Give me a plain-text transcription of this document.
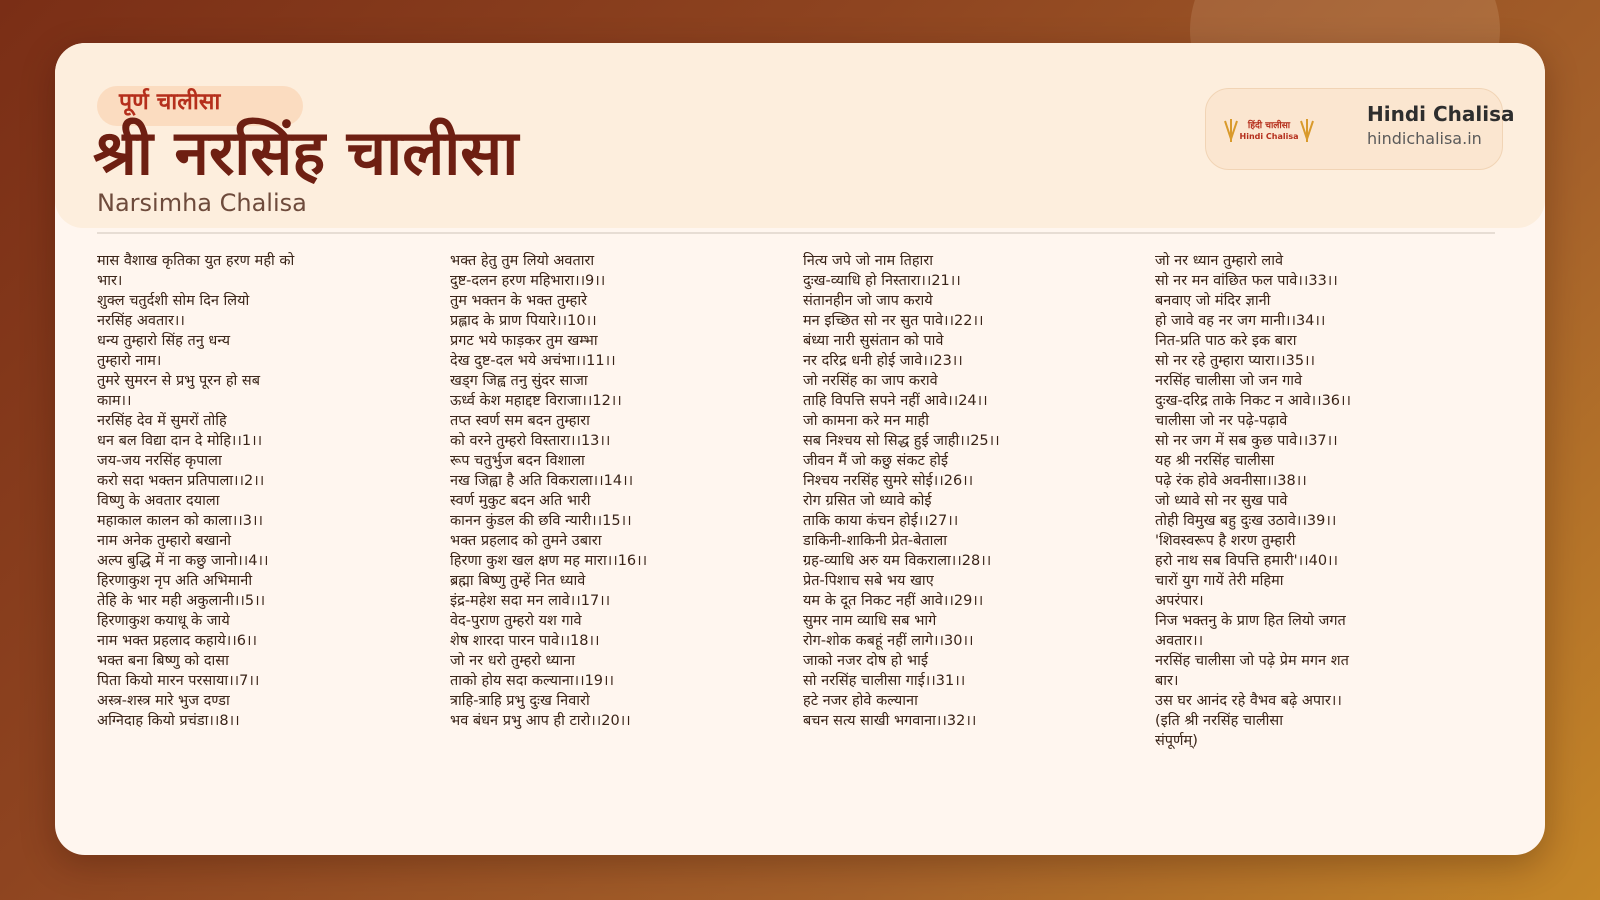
पूर्ण चालीसा
श्री नरसिंह चालीसा
Narsimha Chalisa
हिंदी चालीसा
Hindi Chalisa
Hindi Chalisa
hindichalisa.in
मास वैशाख कृतिका युत हरण मही को
भार।
शुक्ल चतुर्दशी सोम दिन लियो
नरसिंह अवतार।।
धन्य तुम्हारो सिंह तनु धन्य
तुम्हारो नाम।
तुमरे सुमरन से प्रभु पूरन हो सब
काम।।
नरसिंह देव में सुमरों तोहि
धन बल विद्या दान दे मोहि।।1।।
जय-जय नरसिंह कृपाला
करो सदा भक्तन प्रतिपाला।।2।।
विष्णु के अवतार दयाला
महाकाल कालन को काला।।3।।
नाम अनेक तुम्हारो बखानो
अल्प बुद्धि में ना कछु जानो।।4।।
हिरणाकुश नृप अति अभिमानी
तेहि के भार मही अकुलानी।।5।।
हिरणाकुश कयाधू के जाये
नाम भक्त प्रहलाद कहाये।।6।।
भक्त बना बिष्णु को दासा
पिता कियो मारन परसाया।।7।।
अस्त्र-शस्त्र मारे भुज दण्डा
अग्निदाह कियो प्रचंडा।।8।।
भक्त हेतु तुम लियो अवतारा
दुष्ट-दलन हरण महिभारा।।9।।
तुम भक्तन के भक्त तुम्हारे
प्रह्लाद के प्राण पियारे।।10।।
प्रगट भये फाड़कर तुम खम्भा
देख दुष्ट-दल भये अचंभा।।11।।
खड्ग जिह्व तनु सुंदर साजा
ऊर्ध्व केश महाद्दष्ट विराजा।।12।।
तप्त स्वर्ण सम बदन तुम्हारा
को वरने तुम्हरो विस्तारा।।13।।
रूप चतुर्भुज बदन विशाला
नख जिह्वा है अति विकराला।।14।।
स्वर्ण मुकुट बदन अति भारी
कानन कुंडल की छवि न्यारी।।15।।
भक्त प्रहलाद को तुमने उबारा
हिरणा कुश खल क्षण मह मारा।।16।।
ब्रह्मा बिष्णु तुम्हें नित ध्यावे
इंद्र-महेश सदा मन लावे।।17।।
वेद-पुराण तुम्हरो यश गावे
शेष शारदा पारन पावे।।18।।
जो नर धरो तुम्हरो ध्याना
ताको होय सदा कल्याना।।19।।
त्राहि-त्राहि प्रभु दुःख निवारो
भव बंधन प्रभु आप ही टारो।।20।।
नित्य जपे जो नाम तिहारा
दुःख-व्याधि हो निस्तारा।।21।।
संतानहीन जो जाप कराये
मन इच्छित सो नर सुत पावे।।22।।
बंध्या नारी सुसंतान को पावे
नर दरिद्र धनी होई जावे।।23।।
जो नरसिंह का जाप करावे
ताहि विपत्ति सपने नहीं आवे।।24।।
जो कामना करे मन माही
सब निश्चय सो सिद्ध हुई जाही।।25।।
जीवन मैं जो कछु संकट होई
निश्चय नरसिंह सुमरे सोई।।26।।
रोग ग्रसित जो ध्यावे कोई
ताकि काया कंचन होई।।27।।
डाकिनी-शाकिनी प्रेत-बेताला
ग्रह-व्याधि अरु यम विकराला।।28।।
प्रेत-पिशाच सबे भय खाए
यम के दूत निकट नहीं आवे।।29।।
सुमर नाम व्याधि सब भागे
रोग-शोक कबहूं नहीं लागे।।30।।
जाको नजर दोष हो भाई
सो नरसिंह चालीसा गाई।।31।।
हटे नजर होवे कल्याना
बचन सत्य साखी भगवाना।।32।।
जो नर ध्यान तुम्हारो लावे
सो नर मन वांछित फल पावे।।33।।
बनवाए जो मंदिर ज्ञानी
हो जावे वह नर जग मानी।।34।।
नित-प्रति पाठ करे इक बारा
सो नर रहे तुम्हारा प्यारा।।35।।
नरसिंह चालीसा जो जन गावे
दुःख-दरिद्र ताके निकट न आवे।।36।।
चालीसा जो नर पढ़े-पढ़ावे
सो नर जग में सब कुछ पावे।।37।।
यह श्री नरसिंह चालीसा
पढ़े रंक होवे अवनीसा।।38।।
जो ध्यावे सो नर सुख पावे
तोही विमुख बहु दुःख उठावे।।39।।
'शिवस्वरूप है शरण तुम्हारी
हरो नाथ सब विपत्ति हमारी'।।40।।
चारों युग गायें तेरी महिमा
अपरंपार।
निज भक्तनु के प्राण हित लियो जगत
अवतार।।
नरसिंह चालीसा जो पढ़े प्रेम मगन शत
बार।
उस घर आनंद रहे वैभव बढ़े अपार।।
(इति श्री नरसिंह चालीसा
संपूर्णम्)
